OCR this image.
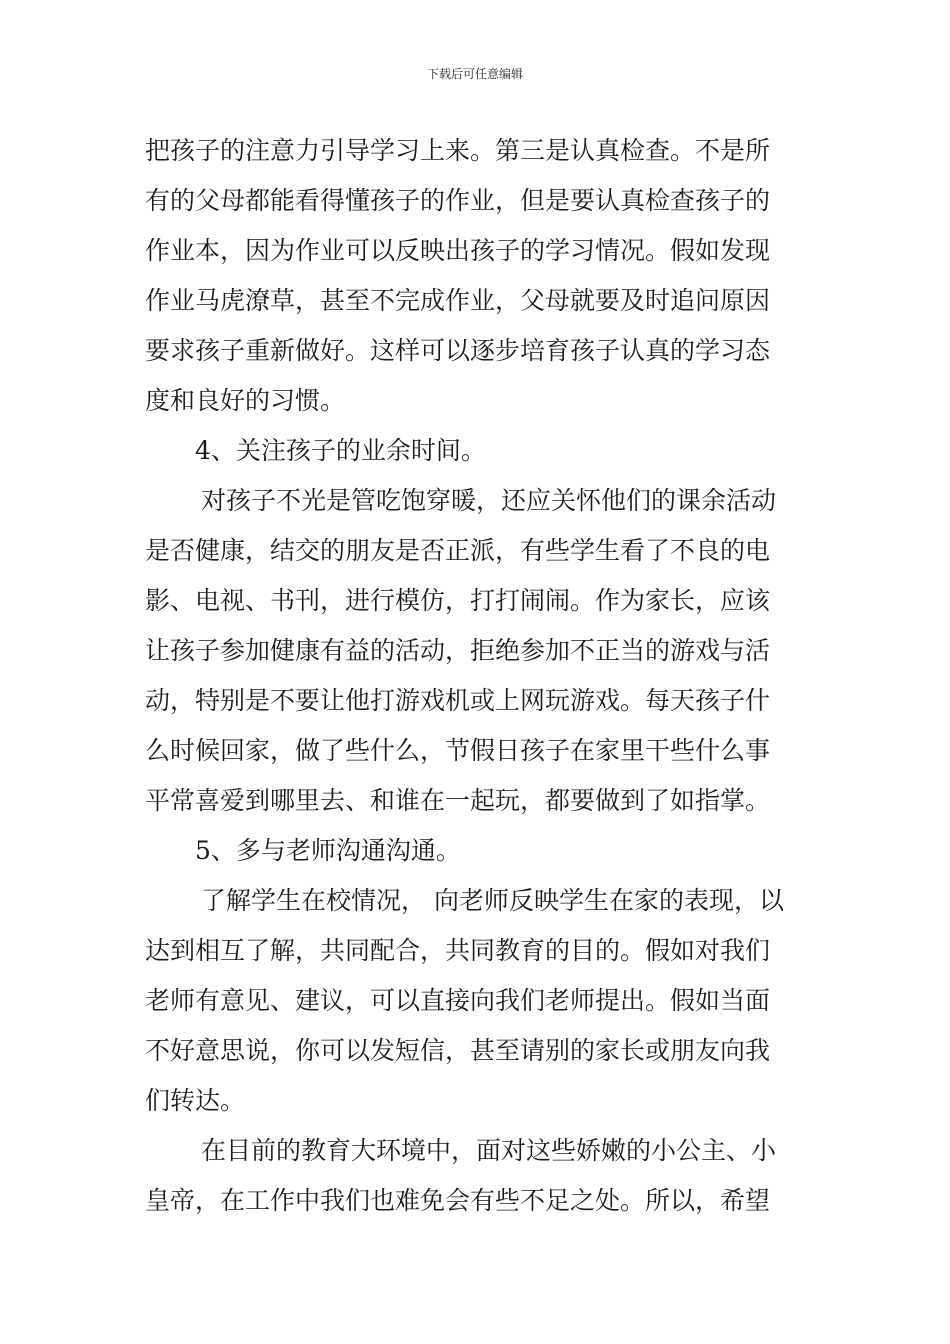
下载后可任意编辑
把孩子的注意力引导学习上来。第三是认真检查。不是所
有的父母都能看得懂孩子的作业，但是要认真检查孩子的
作业本，因为作业可以反映出孩子的学习情况。假如发现
作业马虎潦草，甚至不完成作业，父母就要及时追问原因
要求孩子重新做好。这样可以逐步培育孩子认真的学习态
度和良好的习惯。
4、关注孩子的业余时间。
对孩子不光是管吃饱穿暖，还应关怀他们的课余活动
是否健康，结交的朋友是否正派，有些学生看了不良的电
影、电视、书刊，进行模仿，打打闹闹。作为家长，应该
让孩子参加健康有益的活动，拒绝参加不正当的游戏与活
动，特别是不要让他打游戏机或上网玩游戏。每天孩子什
么时候回家，做了些什么，节假日孩子在家里干些什么事
平常喜爱到哪里去、和谁在一起玩，都要做到了如指掌。
5、多与老师沟通沟通。
了解学生在校情况， 向老师反映学生在家的表现，以
达到相互了解，共同配合，共同教育的目的。假如对我们
老师有意见、建议，可以直接向我们老师提出。假如当面
不好意思说，你可以发短信，甚至请别的家长或朋友向我
们转达。
在目前的教育大环境中，面对这些娇嫩的小公主、小
皇帝，在工作中我们也难免会有些不足之处。所以，希望
